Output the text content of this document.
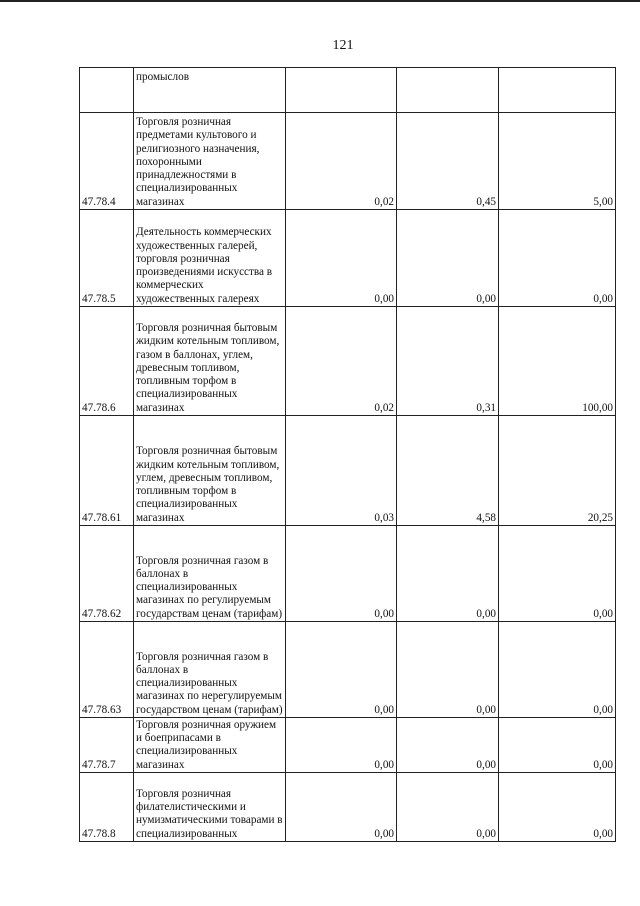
121

	промыслов			

47.78.4	Торговля розничная предметами культового и религиозного назначения, похоронными принадлежностями в специализированных магазинах	0,02	0,45	5,00
47.78.5	Деятельность коммерческих художественных галерей, торговля розничная произведениями искусства в коммерческих художественных галереях	0,00	0,00	0,00
47.78.6	Торговля розничная бытовым жидким котельным топливом, газом в баллонах, углем, древесным топливом, топливным торфом в специализированных магазинах	0,02	0,31	100,00
47.78.61	Торговля розничная бытовым жидким котельным топливом, углем, древесным топливом, топливным торфом в специализированных магазинах	0,03	4,58	20,25
47.78.62	Торговля розничная газом в баллонах в специализированных магазинах по регулируемым государствам ценам (тарифам)	0,00	0,00	0,00
47.78.63	Торговля розничная газом в баллонах в специализированных магазинах по нерегулируемым государством ценам (тарифам)	0,00	0,00	0,00
47.78.7	Торговля розничная оружием и боеприпасами в специализированных магазинах	0,00	0,00	0,00
47.78.8	Торговля розничная филателистическими и нумизматическими товарами в специализированных	0,00	0,00	0,00
